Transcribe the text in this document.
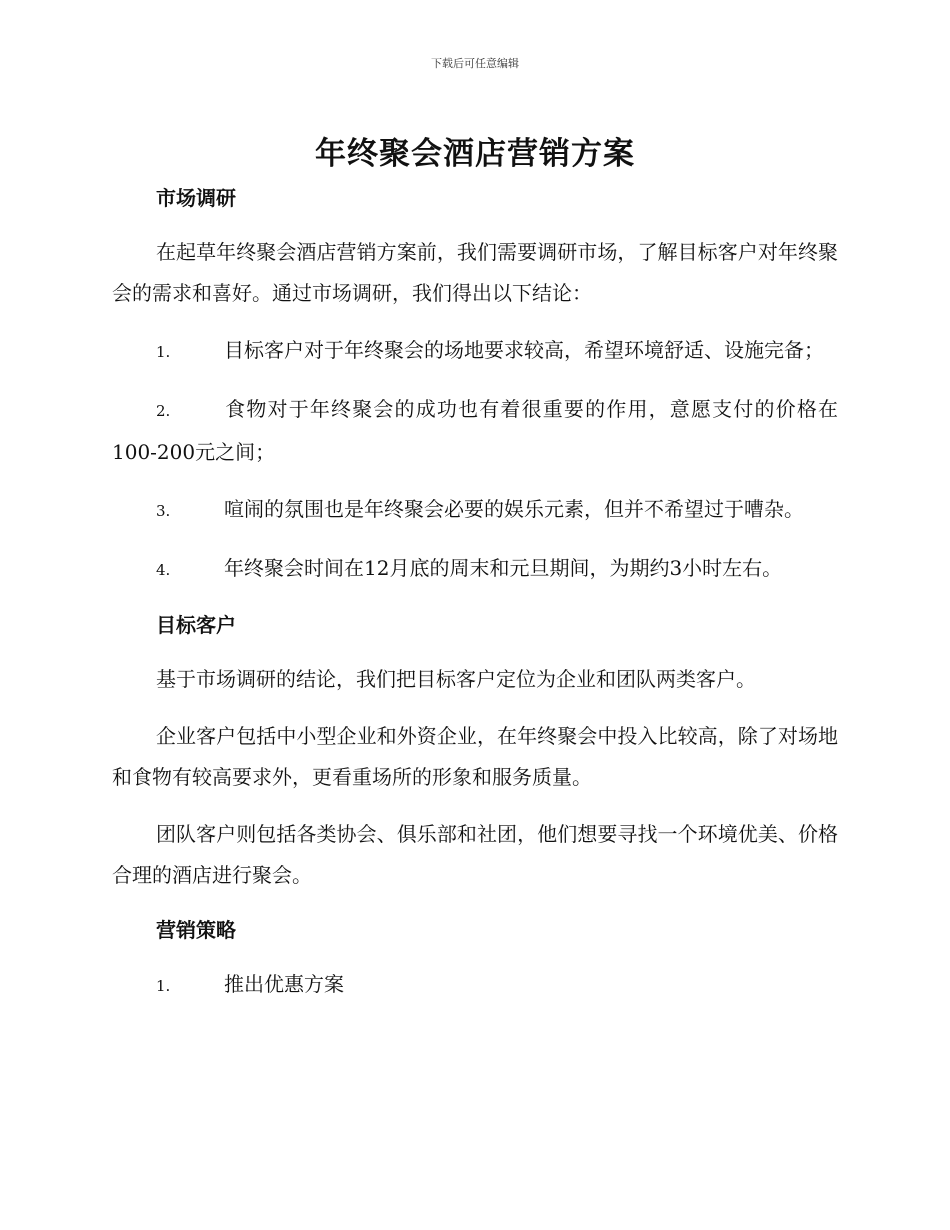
下载后可任意编辑
年终聚会酒店营销方案
市场调研
在起草年终聚会酒店营销方案前，我们需要调研市场，了解目标客户对年终聚会的需求和喜好。通过市场调研，我们得出以下结论：
1.	目标客户对于年终聚会的场地要求较高，希望环境舒适、设施完备；
2.	食物对于年终聚会的成功也有着很重要的作用，意愿支付的价格在100-200元之间；
3.	喧闹的氛围也是年终聚会必要的娱乐元素，但并不希望过于嘈杂。
4.	年终聚会时间在12月底的周末和元旦期间，为期约3小时左右。
目标客户
基于市场调研的结论，我们把目标客户定位为企业和团队两类客户。
企业客户包括中小型企业和外资企业，在年终聚会中投入比较高，除了对场地和食物有较高要求外，更看重场所的形象和服务质量。
团队客户则包括各类协会、俱乐部和社团，他们想要寻找一个环境优美、价格合理的酒店进行聚会。
营销策略
1.	推出优惠方案
